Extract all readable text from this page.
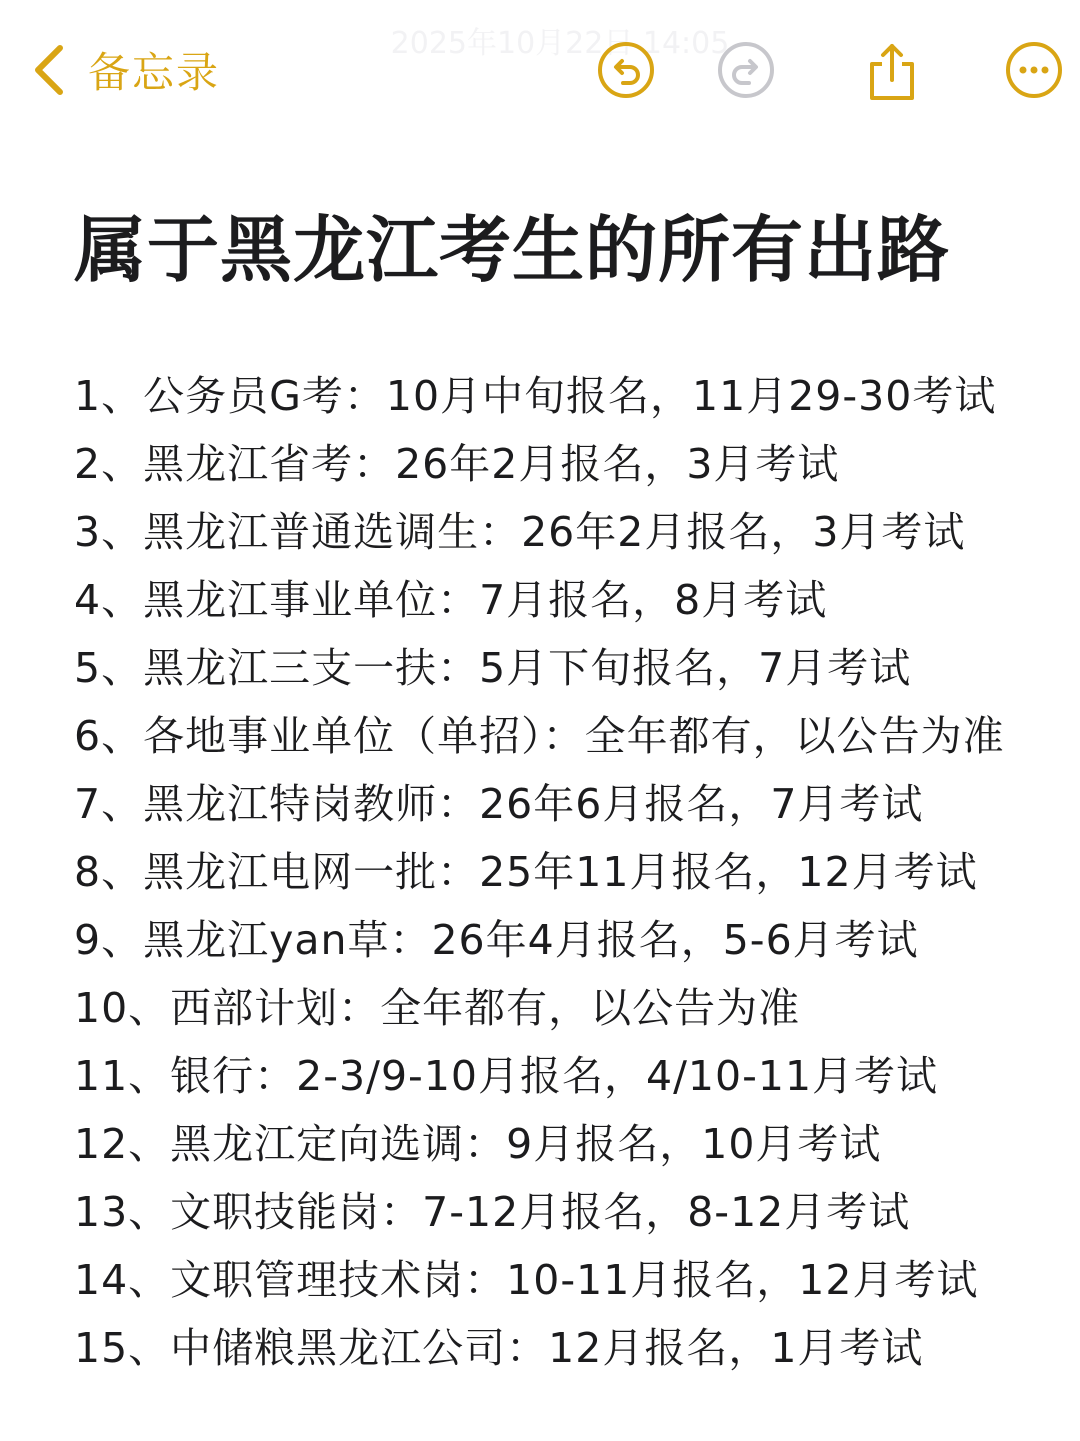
2025年10月22日 14:05
备忘录
属于黑龙江考生的所有出路
1、公务员G考：10月中旬报名，11月29-30考试
2、黑龙江省考：26年2月报名，3月考试
3、黑龙江普通选调生：26年2月报名，3月考试
4、黑龙江事业单位：7月报名，8月考试
5、黑龙江三支一扶：5月下旬报名，7月考试
6、各地事业单位（单招）：全年都有，以公告为准
7、黑龙江特岗教师：26年6月报名，7月考试
8、黑龙江电网一批：25年11月报名，12月考试
9、黑龙江yan草：26年4月报名，5-6月考试
10、西部计划：全年都有，以公告为准
11、银行：2-3/9-10月报名，4/10-11月考试
12、黑龙江定向选调：9月报名，10月考试
13、文职技能岗：7-12月报名，8-12月考试
14、文职管理技术岗：10-11月报名，12月考试
15、中储粮黑龙江公司：12月报名，1月考试
